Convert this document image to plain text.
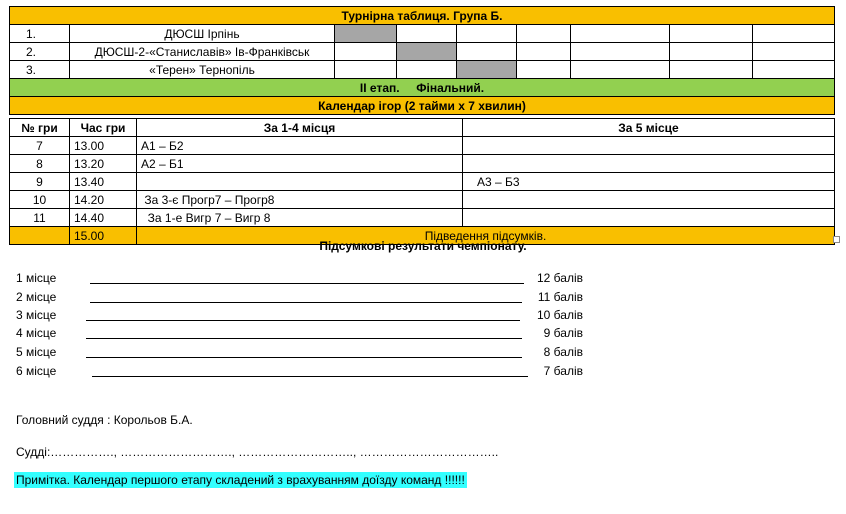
Турнірна таблиця. Група Б.								
1.	ДЮСШ Ірпінь							
2.	ДЮСШ-2-«Станиславів» Ів-Франківськ							
3.	«Терен» Тернопіль							
ІІ етап.     Фінальний.								
Календар ігор (2 тайми х 7 хвилин)								
№ гри	Час гри	За 1-4 місця	За 5 місце
7	13.00	А1 – Б2	
8	13.20	А2 – Б1	
9	13.40		А3 – Б3
10	14.20	За 3-є Прогр7 – Прогр8	
11	14.40	За 1-е Вигр 7 – Вигр 8	
	15.00	Підведення підсумків.	
Підсумкові результати чемпіонату.
1 місце	12 балів
2 місце	11 балів
3 місце	10 балів
4 місце	9 балів
5 місце	8 балів
6 місце	7 балів
Головний суддя : Корольов Б.А.
Судді:……………., ………………………., ……………………….., ……………………………..
Примітка. Календар першого етапу складений з врахуванням доїзду команд !!!!!!
